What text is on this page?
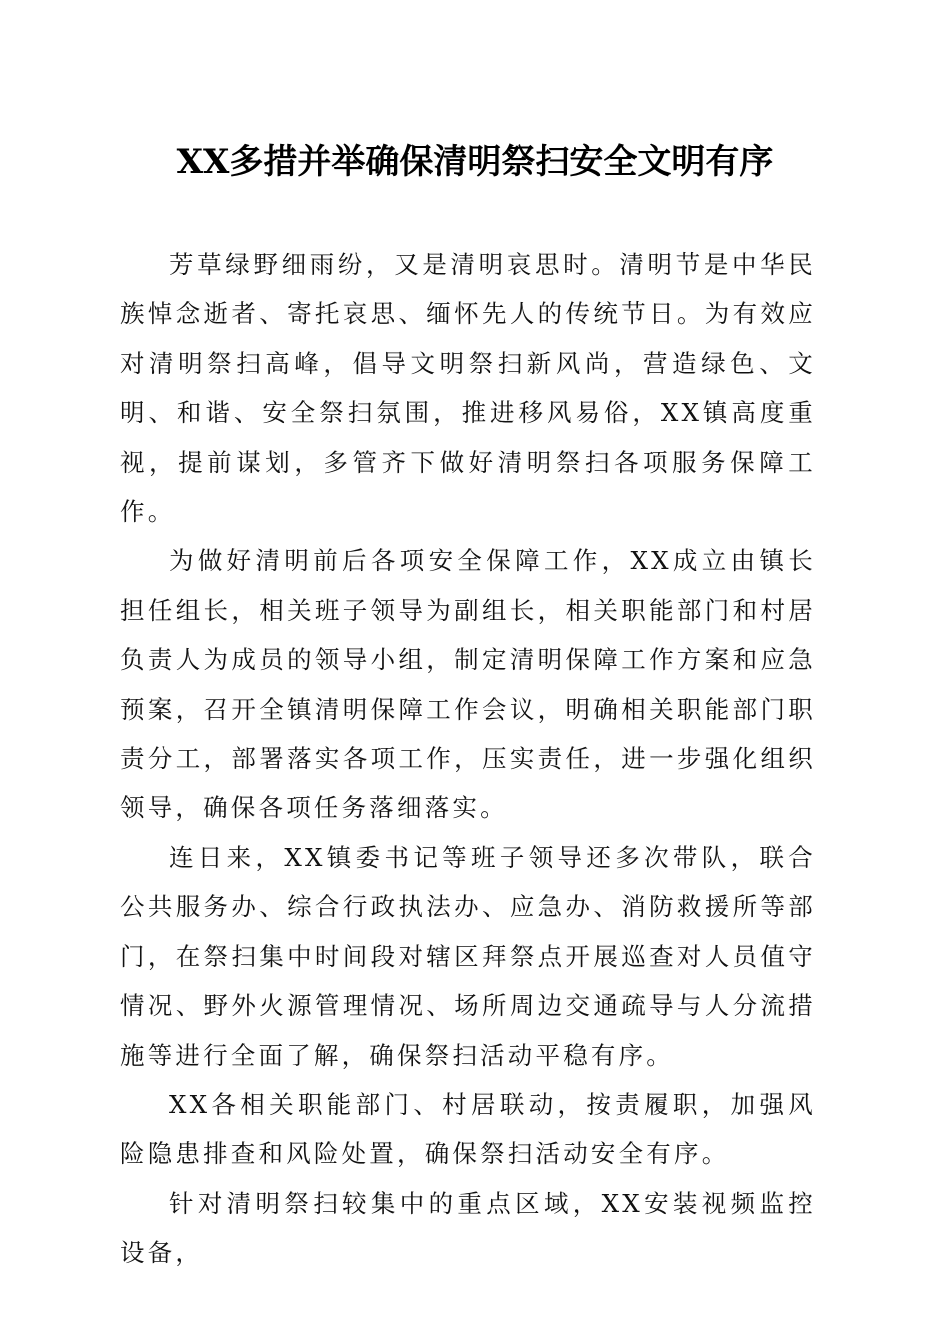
XX多措并举确保清明祭扫安全文明有序

芳草绿野细雨纷，又是清明哀思时。清明节是中华民族悼念逝者、寄托哀思、缅怀先人的传统节日。为有效应对清明祭扫高峰，倡导文明祭扫新风尚，营造绿色、文明、和谐、安全祭扫氛围，推进移风易俗，XX镇高度重视，提前谋划，多管齐下做好清明祭扫各项服务保障工作。

为做好清明前后各项安全保障工作，XX成立由镇长担任组长，相关班子领导为副组长，相关职能部门和村居负责人为成员的领导小组，制定清明保障工作方案和应急预案，召开全镇清明保障工作会议，明确相关职能部门职责分工，部署落实各项工作，压实责任，进一步强化组织领导，确保各项任务落细落实。

连日来，XX镇委书记等班子领导还多次带队，联合公共服务办、综合行政执法办、应急办、消防救援所等部门，在祭扫集中时间段对辖区拜祭点开展巡查对人员值守情况、野外火源管理情况、场所周边交通疏导与人分流措施等进行全面了解，确保祭扫活动平稳有序。

XX各相关职能部门、村居联动，按责履职，加强风险隐患排查和风险处置，确保祭扫活动安全有序。

针对清明祭扫较集中的重点区域，XX安装视频监控设备，
